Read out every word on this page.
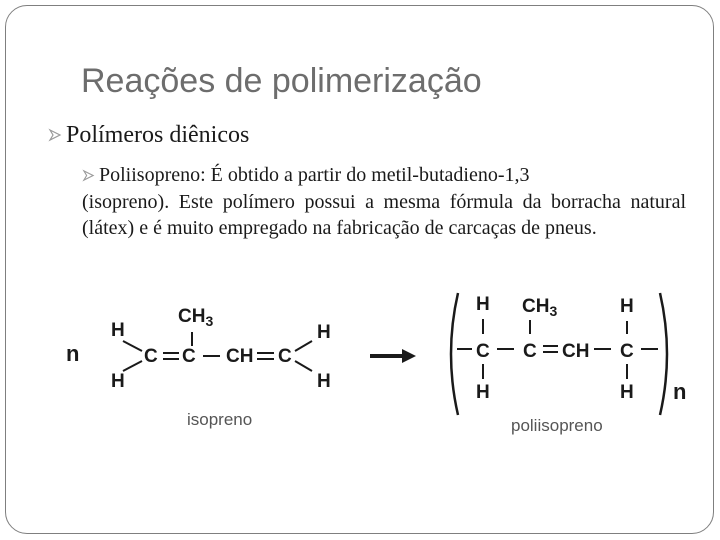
Reações de polimerização
Polímeros diênicos
Poliisopreno: É obtido a partir do metil-butadieno-1,3
(isopreno). Este polímero possui a mesma fórmula da borracha natural (látex) e é muito empregado na fabricação de carcaças de pneus.
n
H
H
C C
$CH_3$
CH C
H
H
H
C
H
$CH_3$
C CH
H
C
H n
isopreno	poliisopreno
